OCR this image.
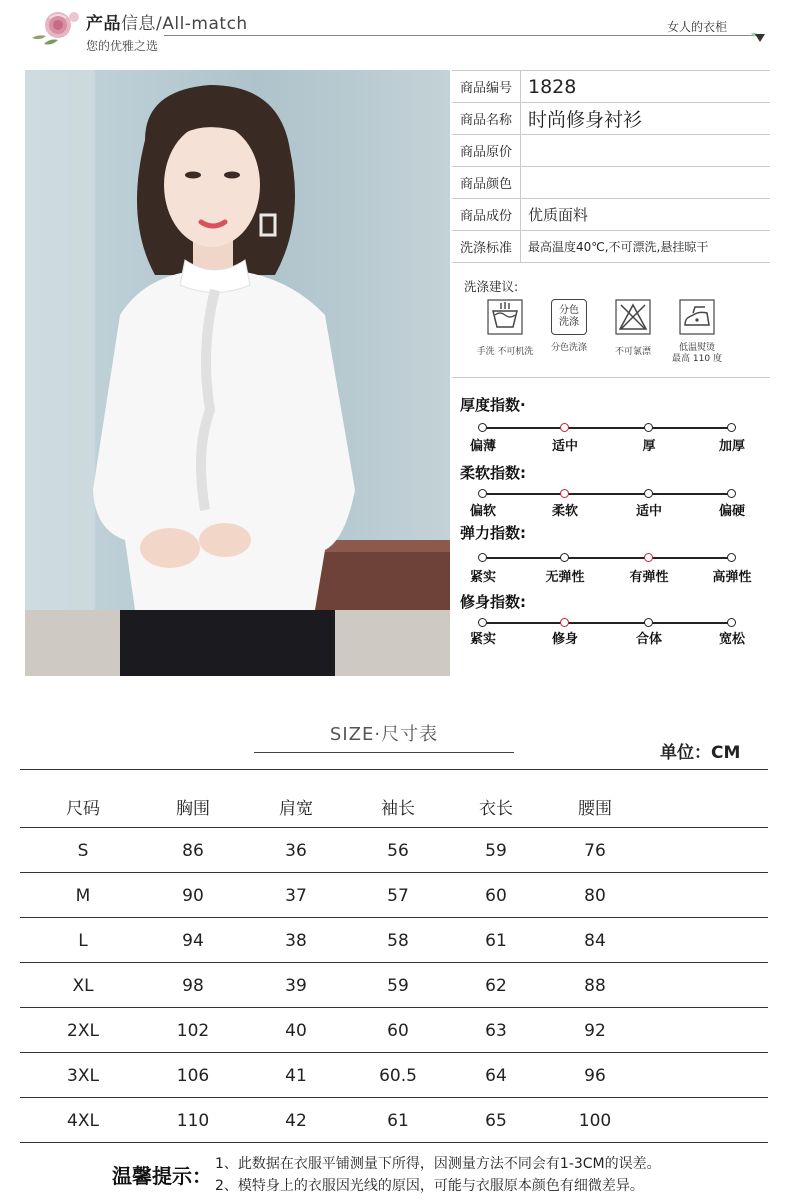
产品信息/All-match
您的优雅之选
女人的衣柜
商品编号 1828
商品名称 时尚修身衬衫
商品原价
商品颜色
商品成份	优质面料
洗涤标准	最高温度40℃,不可漂洗,悬挂晾干
洗涤建议:
手洗 不可机洗
分色
洗涤
分色洗涤	不可氯漂	低温熨烫
最高 110 度
厚度指数·
柔软指数:
弹力指数:
修身指数:
偏薄	适中	厚	加厚
偏软	柔软	适中	偏硬
紧实	无弹性	有弹性	高弹性
紧实	修身	合体	宽松
SIZE·尺寸表
单位：CM
尺码	胸围	肩宽	袖长	衣长	腰围
S	86	36	56	59	76
M	90	37	57	60	80
L	94	38	58	61	84
XL	98	39	59	62	88
2XL	102	40	60	63	92
3XL	106	41	60.5	64	96
4XL	110	42	61	65	100
温馨提示： 1、此数据在衣服平铺测量下所得，因测量方法不同会有1-3CM的误差。
2、模特身上的衣服因光线的原因，可能与衣服原本颜色有细微差异。
